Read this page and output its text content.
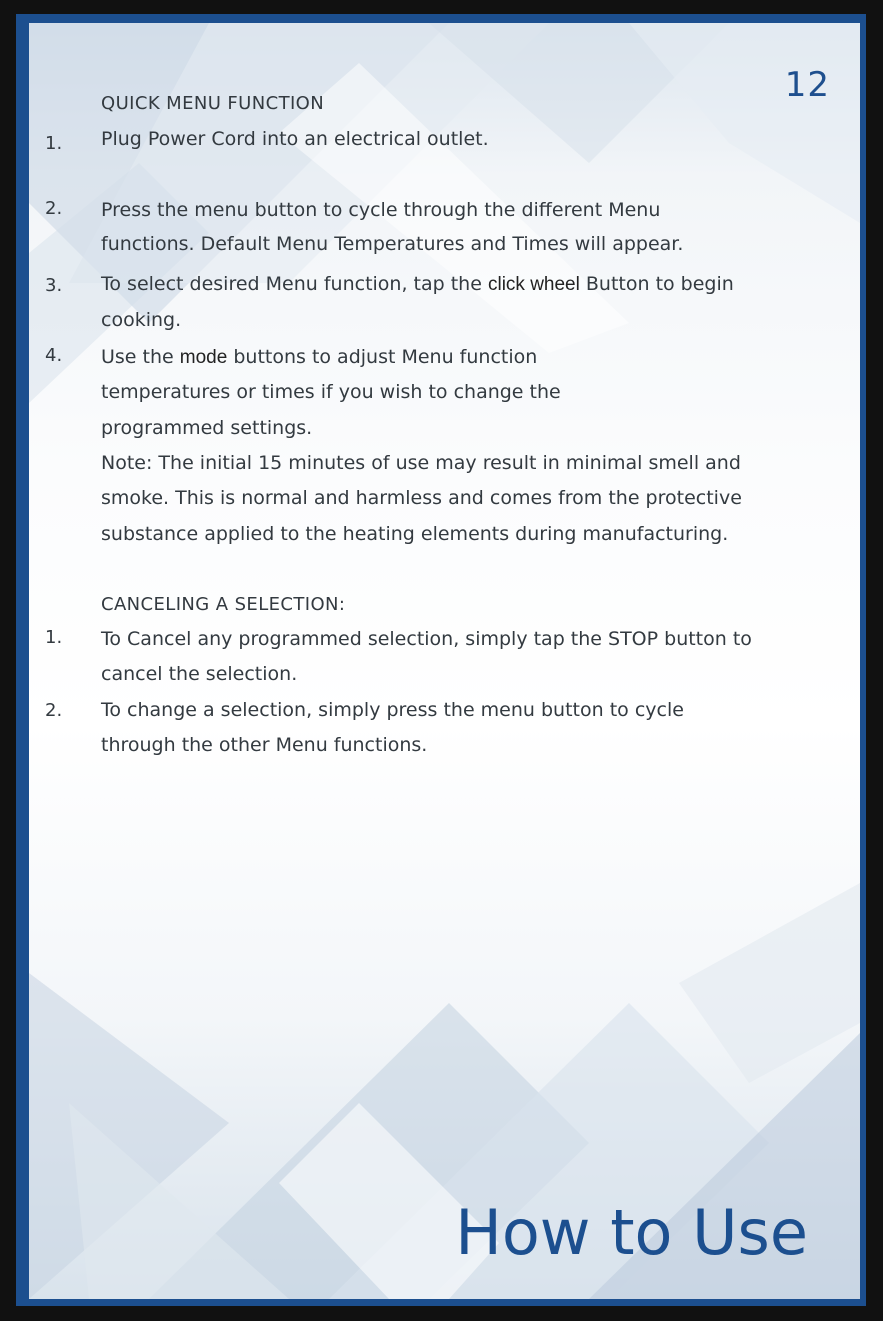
12
QUICK MENU FUNCTION
1. Plug Power Cord into an electrical outlet.
2. Press the menu button to cycle through the different Menu
functions. Default Menu Temperatures and Times will appear.
3. To select desired Menu function, tap the click wheel Button to begin
cooking.
4. Use the mode buttons to adjust Menu function
temperatures or times if you wish to change the
programmed settings.
Note: The initial 15 minutes of use may result in minimal smell and
smoke. This is normal and harmless and comes from the protective
substance applied to the heating elements during manufacturing.
CANCELING A SELECTION:
1. To Cancel any programmed selection, simply tap the STOP button to
cancel the selection.
2. To change a selection, simply press the menu button to cycle
through the other Menu functions.
How to Use
